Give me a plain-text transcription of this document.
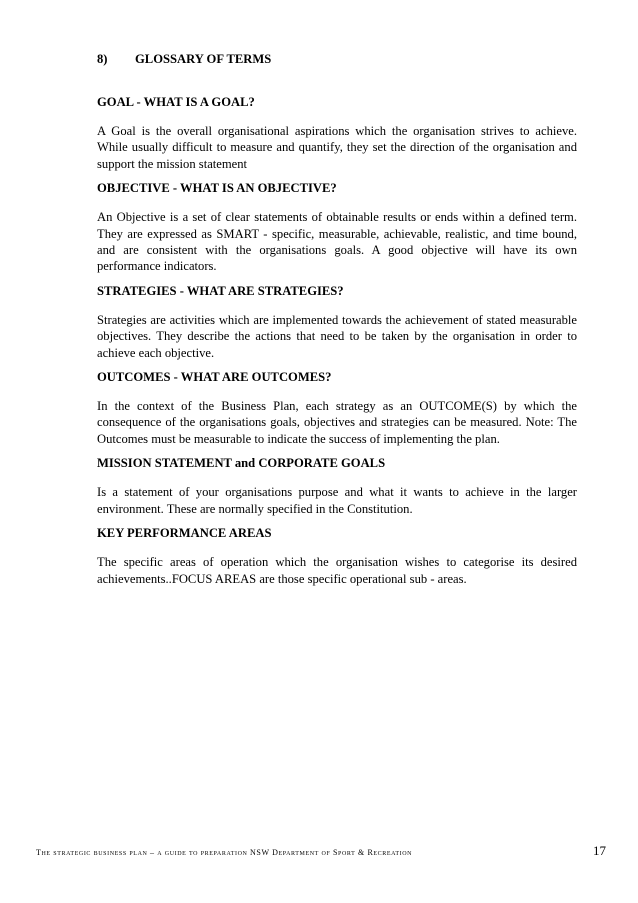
8)	GLOSSARY OF TERMS

GOAL - WHAT IS A GOAL?

A Goal is the overall organisational aspirations which the organisation strives to achieve. While usually difficult to measure and quantify, they set the direction of the organisation and support the mission statement

OBJECTIVE - WHAT IS AN OBJECTIVE?

An Objective is a set of clear statements of obtainable results or ends within a defined term. They are expressed as SMART - specific, measurable, achievable, realistic, and time bound, and are consistent with the organisations goals. A good objective will have its own performance indicators.

STRATEGIES - WHAT ARE STRATEGIES?

Strategies are activities which are implemented towards the achievement of stated measurable objectives. They describe the actions that need to be taken by the organisation in order to achieve each objective.

OUTCOMES - WHAT ARE OUTCOMES?

In the context of the Business Plan, each strategy as an OUTCOME(S) by which the consequence of the organisations goals, objectives and strategies can be measured. Note: The Outcomes must be measurable to indicate the success of implementing the plan.

MISSION STATEMENT and CORPORATE GOALS

Is a statement of your organisations purpose and what it wants to achieve in the larger environment. These are normally specified in the Constitution.

KEY PERFORMANCE AREAS

The specific areas of operation which the organisation wishes to categorise its desired achievements..FOCUS AREAS are those specific operational sub - areas.

The strategic business plan – a guide to preparation NSW Department of Sport & Recreation	17
